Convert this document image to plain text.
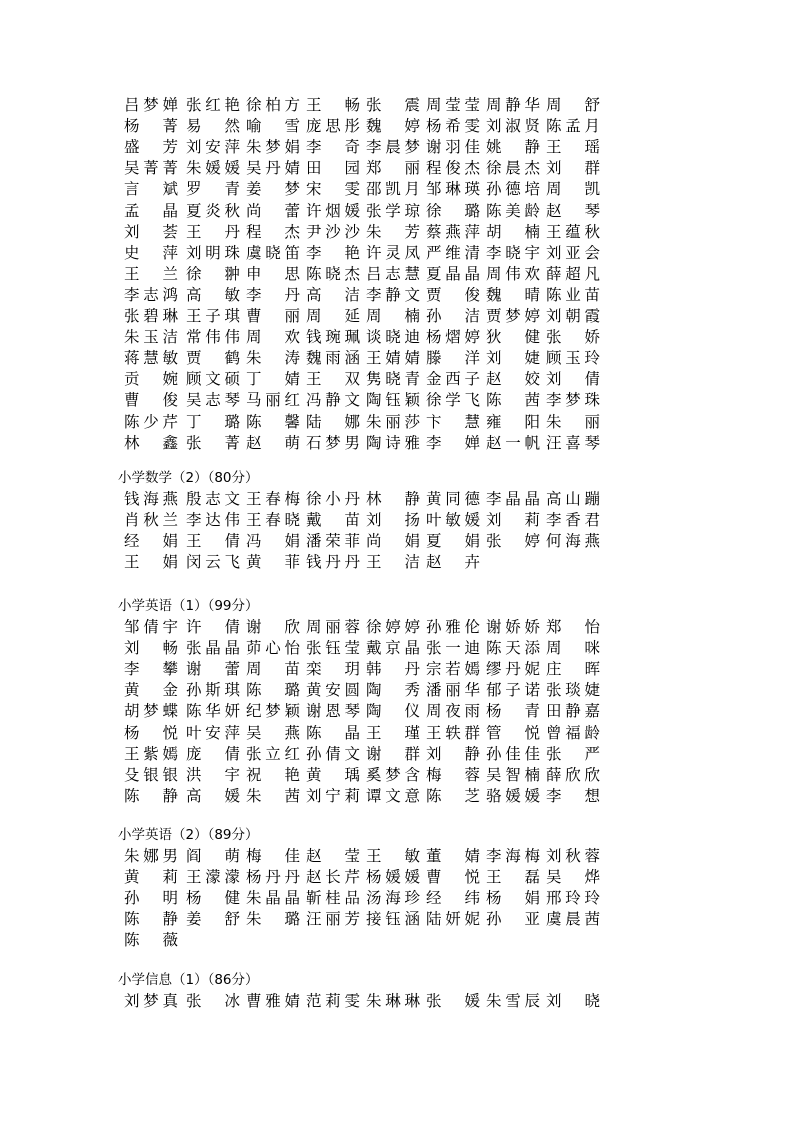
吕梦婵 张红艳 徐柏方 王 畅 张 震 周莹莹 周静华 周 舒
杨 菁 易 然 喻 雪 庞思彤 魏 婷 杨希雯 刘淑贤 陈孟月
盛 芳 刘安萍 朱梦娟 李 奇 李晨梦 谢羽佳 姚 静 王 瑶
吴菁菁 朱媛媛 吴丹婧 田 园 郑 丽 程俊杰 徐晨杰 刘 群
言 斌 罗 青 姜 梦 宋 雯 邵凯月 邹琳瑛 孙德培 周 凯
孟 晶 夏炎秋 尚 蕾 许烟媛 张学琼 徐 璐 陈美龄 赵 琴
刘 荟 王 丹 程 杰 尹沙沙 朱 芳 蔡燕萍 胡 楠 王蕴秋
史 萍 刘明珠 虞晓笛 李 艳 许灵凤 严维清 李晓宇 刘亚会
王 兰 徐 翀 申 思 陈晓杰 吕志慧 夏晶晶 周伟欢 薛超凡
李志鸿 高 敏 李 丹 高 洁 李静文 贾 俊 魏 晴 陈业苗
张碧琳 王子琪 曹 丽 周 延 周 楠 孙 洁 贾梦婷 刘朝霞
朱玉洁 常伟伟 周 欢 钱琬珮 谈晓迪 杨熠婷 狄 健 张 娇
蒋慧敏 贾 鹤 朱 涛 魏雨涵 王婧婧 滕 洋 刘 婕 顾玉玲
贡 婉 顾文硕 丁 婧 王 双 隽晓青 金西子 赵 姣 刘 倩
曹 俊 吴志琴 马丽红 冯静文 陶钰颖 徐学飞 陈 茜 李梦珠
陈少芹 丁 璐 陈 馨 陆 娜 朱丽莎 卞 慧 雍 阳 朱 丽
林 鑫 张 菁 赵 萌 石梦男 陶诗雅 李 婵 赵一帆 汪喜琴
小学数学（2）（80分）
钱海燕 殷志文 王春梅 徐小丹 林 静 黄同德 李晶晶 高山蹦
肖秋兰 李达伟 王春晓 戴 苗 刘 扬 叶敏媛 刘 莉 李香君
经 娟 王 倩 冯 娟 潘荣菲 尚 娟 夏 娟 张 婷 何海燕
王 娟 闵云飞 黄 菲 钱丹丹 王 洁 赵 卉
小学英语（1）（99分）
邹倩宇 许 倩 谢 欣 周丽蓉 徐婷婷 孙雅伦 谢娇娇 郑 怡
刘 畅 张晶晶 茆心怡 张钰莹 戴京晶 张一迪 陈天添 周 咪
李 攀 谢 蕾 周 苗 栾 玥 韩 丹 宗若嫣 缪丹妮 庄 晖
黄 金 孙斯琪 陈 璐 黄安圆 陶 秀 潘丽华 郁子诺 张琰婕
胡梦蝶 陈华妍 纪梦颖 谢恩琴 陶 仪 周夜雨 杨 青 田静嘉
杨 悦 叶安萍 吴 燕 陈 晶 王 瑾 王轶群 管 悦 曾福龄
王紫嫣 庞 倩 张立红 孙倩文 谢 群 刘 静 孙佳佳 张 严
殳银银 洪 宇 祝 艳 黄 瑀 奚梦含 梅 蓉 吴智楠 薛欣欣
陈 静 高 媛 朱 茜 刘宁莉 谭文意 陈 芝 骆媛媛 李 想
小学英语（2）（89分）
朱娜男 阎 萌 梅 佳 赵 莹 王 敏 董 婧 李海梅 刘秋蓉
黄 莉 王濛濛 杨丹丹 赵长芹 杨媛媛 曹 悦 王 磊 吴 烨
孙 明 杨 健 朱晶晶 靳桂品 汤海珍 经 纬 杨 娟 邢玲玲
陈 静 姜 舒 朱 璐 汪丽芳 接钰涵 陆妍妮 孙 亚 虞晨茜
陈 薇
小学信息（1）（86分）
刘梦真 张 冰 曹雅婧 范莉雯 朱琳琳 张 媛 朱雪辰 刘 晓
